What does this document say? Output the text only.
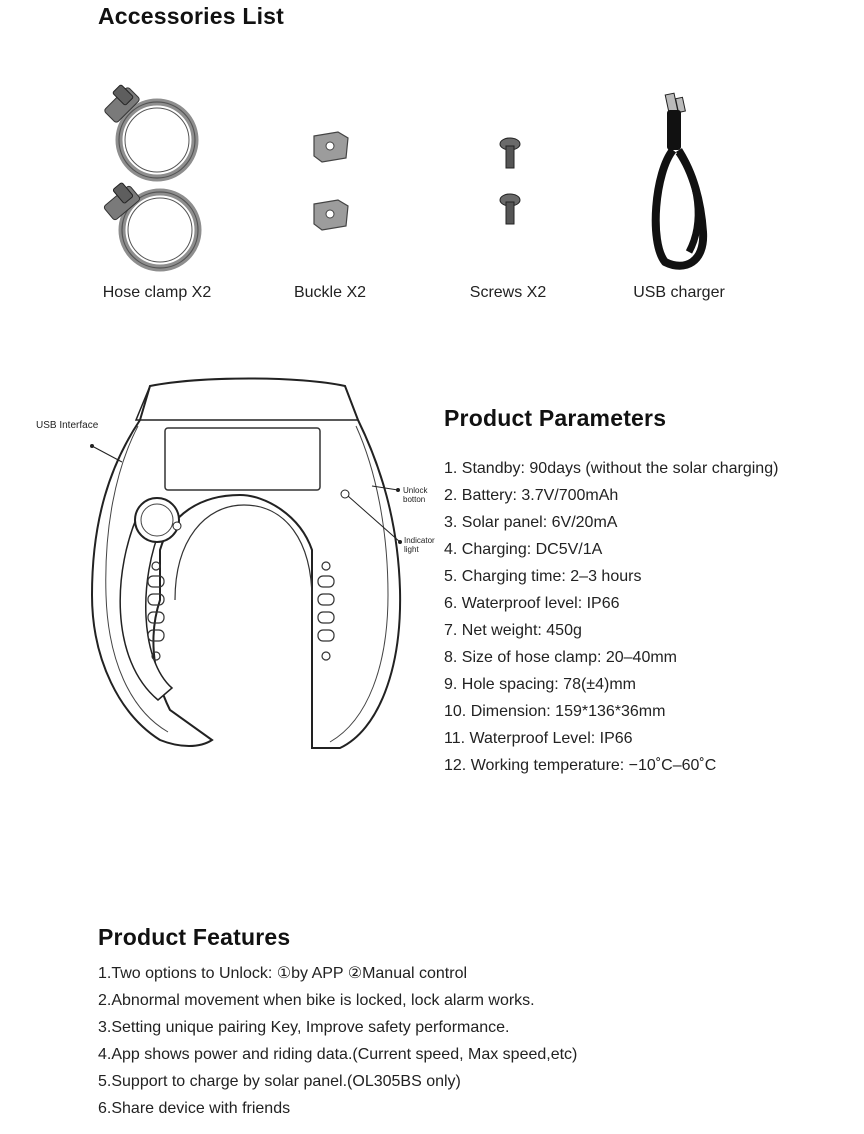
Accessories List
Hose clamp X2	Buckle X2	Screws X2	USB charger
USB Interface
Unlock
botton
Indicator
light
Product Parameters
1. Standby: 90days (without the solar charging)
2. Battery: 3.7V/700mAh
3. Solar panel: 6V/20mA
4. Charging: DC5V/1A
5. Charging time: 2–3 hours
6. Waterproof level: IP66
7. Net weight: 450g
8. Size of hose clamp: 20–40mm
9. Hole spacing: 78(±4)mm
10. Dimension: 159*136*36mm
11. Waterproof Level: IP66
12. Working temperature: −10˚C–60˚C
Product Features
1.Two options to Unlock: ①by APP ②Manual control
2.Abnormal movement when bike is locked, lock alarm works.
3.Setting unique pairing Key, Improve safety performance.
4.App shows power and riding data.(Current speed, Max speed,etc)
5.Support to charge by solar panel.(OL305BS only)
6.Share device with friends
